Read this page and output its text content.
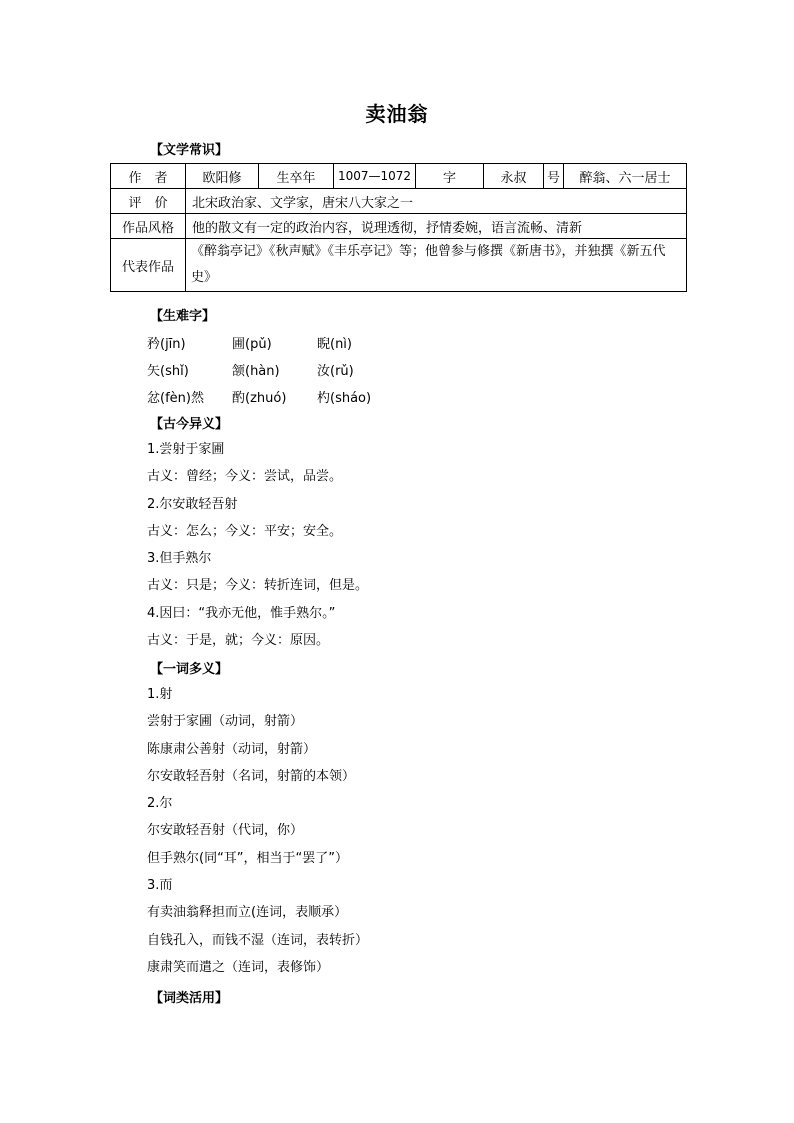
卖油翁
【文学常识】
作　者	欧阳修	生卒年	1007—1072	字	永叔	号	醉翁、六一居士
评　价	北宋政治家、文学家，唐宋八大家之一						
作品风格	他的散文有一定的政治内容，说理透彻，抒情委婉，语言流畅、清新						
代表作品	《醉翁亭记》《秋声赋》《丰乐亭记》等；他曾参与修撰《新唐书》，并独撰《新五代史》						
【生难字】
矜(jīn)	圃(pǔ)	睨(nì)
矢(shǐ)	颔(hàn)	汝(rǔ)
忿(fèn)然 酌(zhuó) 杓(sháo)
【古今异义】
1.尝射于家圃
古义：曾经；今义：尝试，品尝。
2.尔安敢轻吾射
古义：怎么；今义：平安；安全。
3.但手熟尔
古义：只是；今义：转折连词，但是。
4.因曰：“我亦无他，惟手熟尔。”
古义：于是，就；今义：原因。
【一词多义】
1.射
尝射于家圃（动词，射箭）
陈康肃公善射（动词，射箭）
尔安敢轻吾射（名词，射箭的本领）
2.尔
尔安敢轻吾射（代词，你）
但手熟尔(同“耳”，相当于“罢了”）
3.而
有卖油翁释担而立(连词，表顺承）
自钱孔入，而钱不湿（连词，表转折）
康肃笑而遣之（连词，表修饰）
【词类活用】
